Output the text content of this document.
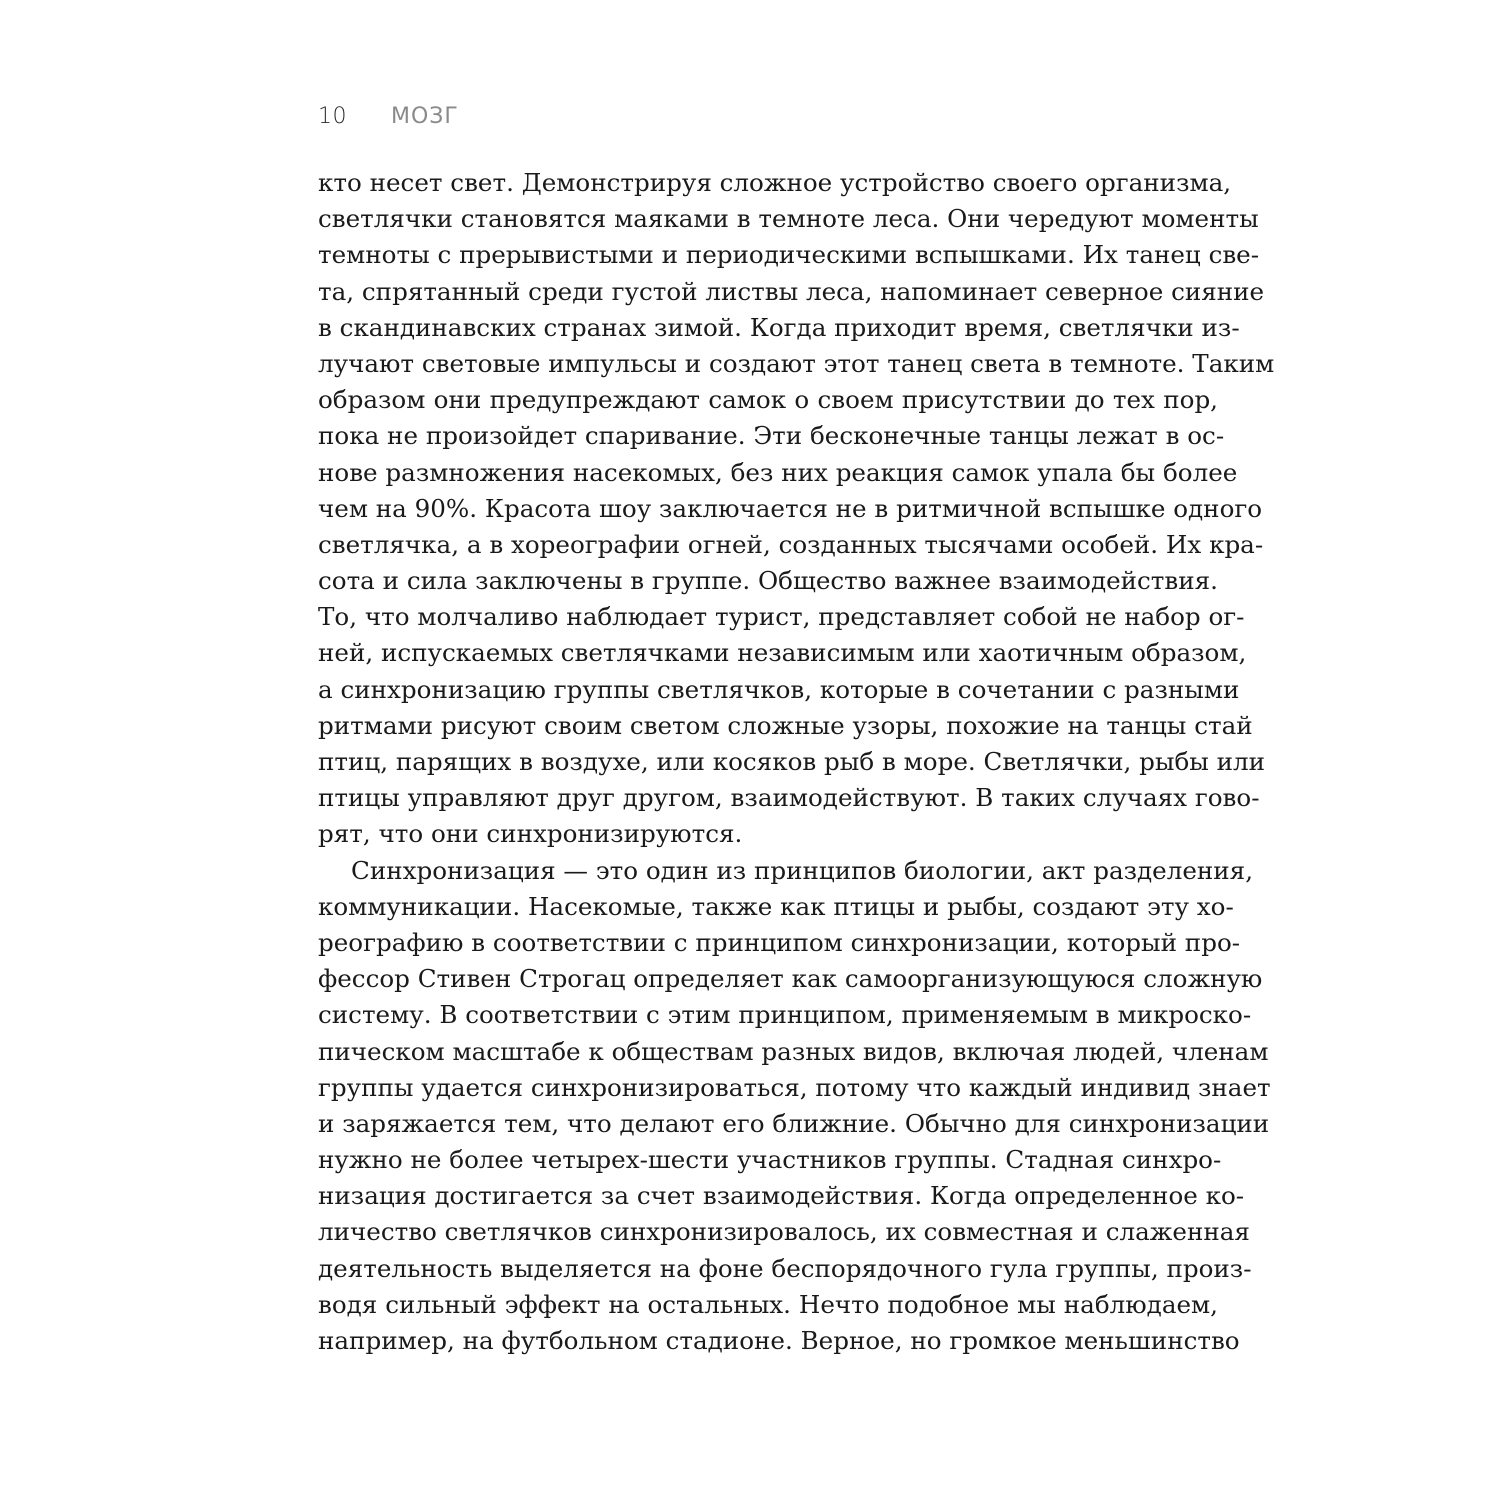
10 МОЗГ
кто несет свет. Демонстрируя сложное устройство своего организма,
светлячки становятся маяками в темноте леса. Они чередуют моменты
темноты с прерывистыми и периодическими вспышками. Их танец све-
та, спрятанный среди густой листвы леса, напоминает северное сияние
в скандинавских странах зимой. Когда приходит время, светлячки из-
лучают световые импульсы и создают этот танец света в темноте. Таким
образом они предупреждают самок о своем присутствии до тех пор,
пока не произойдет спаривание. Эти бесконечные танцы лежат в ос-
нове размножения насекомых, без них реакция самок упала бы более
чем на 90%. Красота шоу заключается не в ритмичной вспышке одного
светлячка, а в хореографии огней, созданных тысячами особей. Их кра-
сота и сила заключены в группе. Общество важнее взаимодействия.
То, что молчаливо наблюдает турист, представляет собой не набор ог-
ней, испускаемых светлячками независимым или хаотичным образом,
а синхронизацию группы светлячков, которые в сочетании с разными
ритмами рисуют своим светом сложные узоры, похожие на танцы стай
птиц, парящих в воздухе, или косяков рыб в море. Светлячки, рыбы или
птицы управляют друг другом, взаимодействуют. В таких случаях гово-
рят, что они синхронизируются.
Синхронизация — это один из принципов биологии, акт разделения,
коммуникации. Насекомые, также как птицы и рыбы, создают эту хо-
реографию в соответствии с принципом синхронизации, который про-
фессор Стивен Строгац определяет как самоорганизующуюся сложную
систему. В соответствии с этим принципом, применяемым в микроско-
пическом масштабе к обществам разных видов, включая людей, членам
группы удается синхронизироваться, потому что каждый индивид знает
и заряжается тем, что делают его ближние. Обычно для синхронизации
нужно не более четырех-шести участников группы. Стадная синхро-
низация достигается за счет взаимодействия. Когда определенное ко-
личество светлячков синхронизировалось, их совместная и слаженная
деятельность выделяется на фоне беспорядочного гула группы, произ-
водя сильный эффект на остальных. Нечто подобное мы наблюдаем,
например, на футбольном стадионе. Верное, но громкое меньшинство
